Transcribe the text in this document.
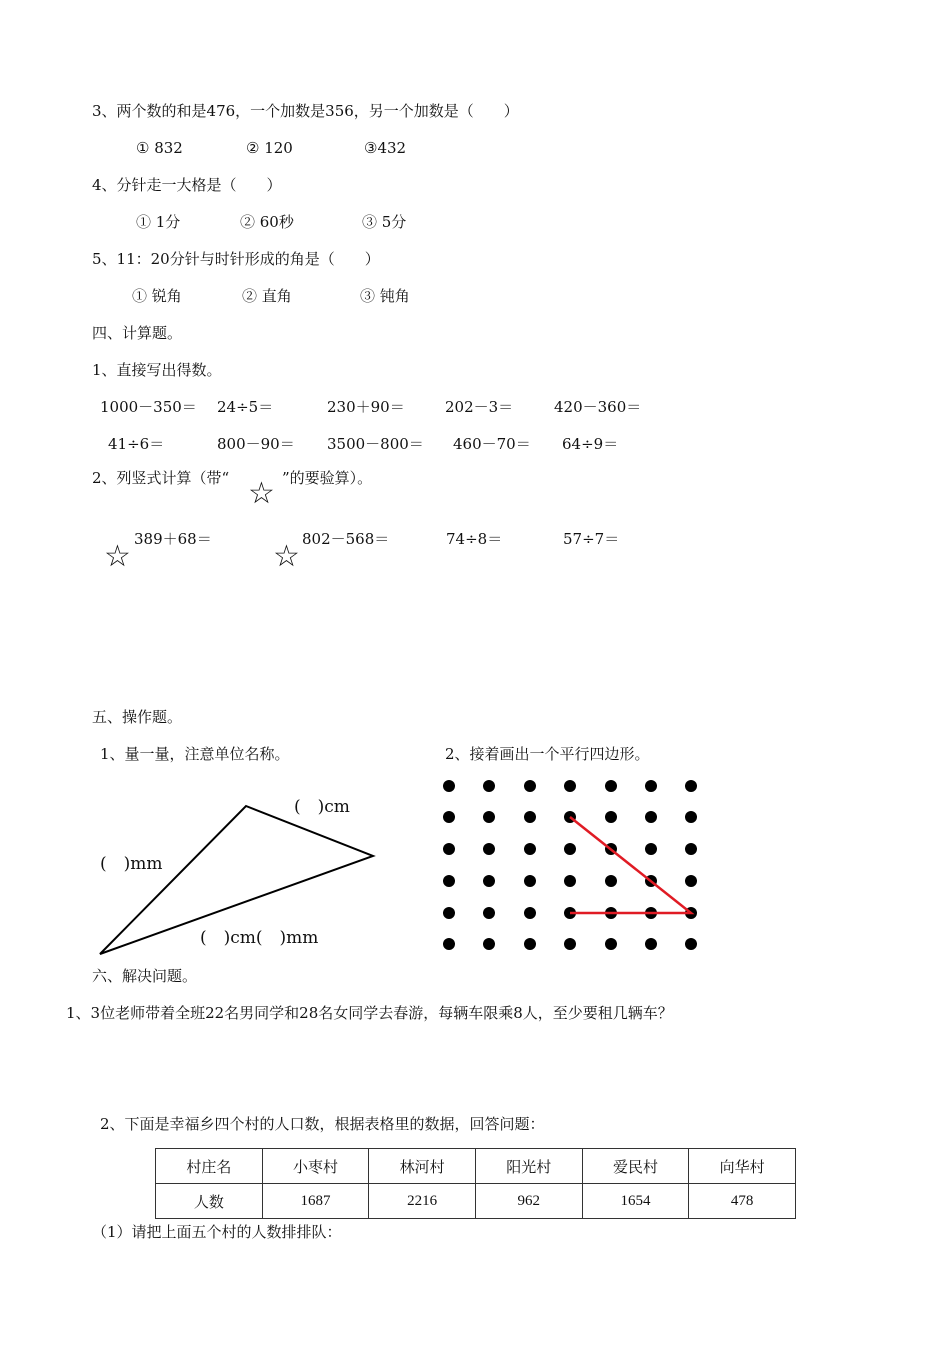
3、两个数的和是476，一个加数是356，另一个加数是（　　）
① 832	② 120	③432
4、分针走一大格是（　　）
① 1分	② 60秒	③ 5分
5、11：20分针与时针形成的角是（　　）
① 锐角	② 直角	③ 钝角
四、计算题。
1、直接写出得数。
1000－350＝ 24÷5＝	230＋90＝	202－3＝	420－360＝
41÷6＝	800－90＝ 3500－800＝ 460－70＝ 64÷9＝
2、列竖式计算（带“ ☆ ”的要验算）。
389＋68＝
☆	802－568＝
☆	74÷8＝	57÷7＝
五、操作题。
1、量一量，注意单位名称。	2、接着画出一个平行四边形。
(　)cm
(　)mm
(　)cm(　)mm
六、解决问题。
1、3位老师带着全班22名男同学和28名女同学去春游，每辆车限乘8人，至少要租几辆车？
2、下面是幸福乡四个村的人口数，根据表格里的数据，回答问题：
村庄名	小枣村	林河村	阳光村	爱民村	向华村
人数	1687	2216	962	1654	478
（1）请把上面五个村的人数排排队：
